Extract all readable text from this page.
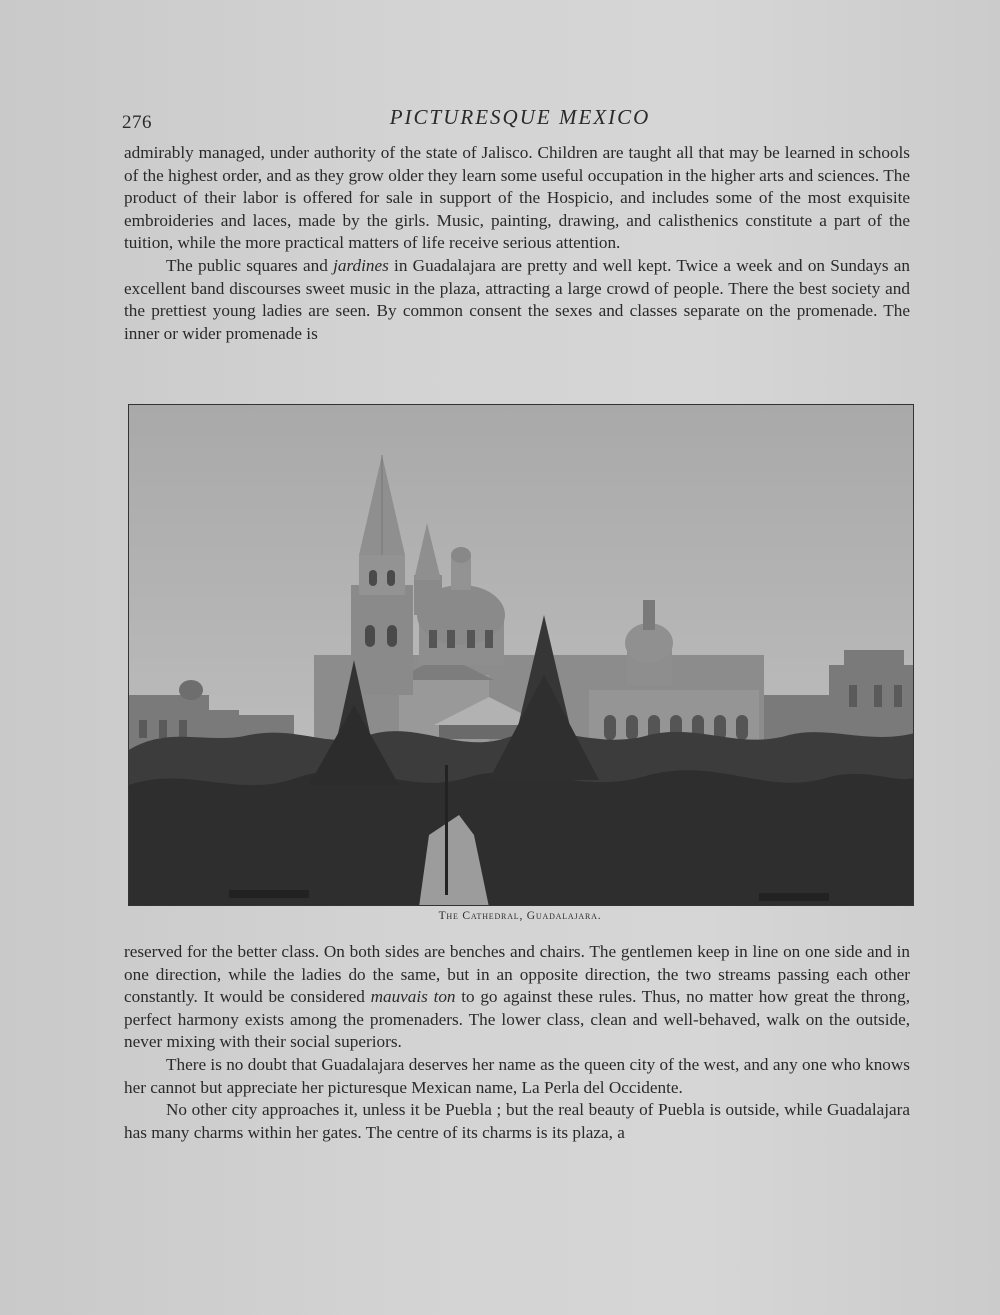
276	PICTURESQUE MEXICO

admirably managed, under authority of the state of Jalisco. Children are taught all that may be learned in schools of the highest order, and as they grow older they learn some useful occupation in the higher arts and sciences. The product of their labor is offered for sale in support of the Hospicio, and includes some of the most exquisite embroideries and laces, made by the girls. Music, painting, drawing, and calisthenics constitute a part of the tuition, while the more practical matters of life receive serious attention.

The public squares and jardines in Guadalajara are pretty and well kept. Twice a week and on Sundays an excellent band discourses sweet music in the plaza, attracting a large crowd of people. There the best society and the prettiest young ladies are seen. By common consent the sexes and classes separate on the promenade. The inner or wider promenade is

The Cathedral, Guadalajara.

reserved for the better class. On both sides are benches and chairs. The gentlemen keep in line on one side and in one direction, while the ladies do the same, but in an opposite direction, the two streams passing each other constantly. It would be considered mauvais ton to go against these rules. Thus, no matter how great the throng, perfect harmony exists among the promenaders. The lower class, clean and well-behaved, walk on the outside, never mixing with their social superiors.

There is no doubt that Guadalajara deserves her name as the queen city of the west, and any one who knows her cannot but appreciate her picturesque Mexican name, La Perla del Occidente.

No other city approaches it, unless it be Puebla ; but the real beauty of Puebla is outside, while Guadalajara has many charms within her gates. The centre of its charms is its plaza, a
